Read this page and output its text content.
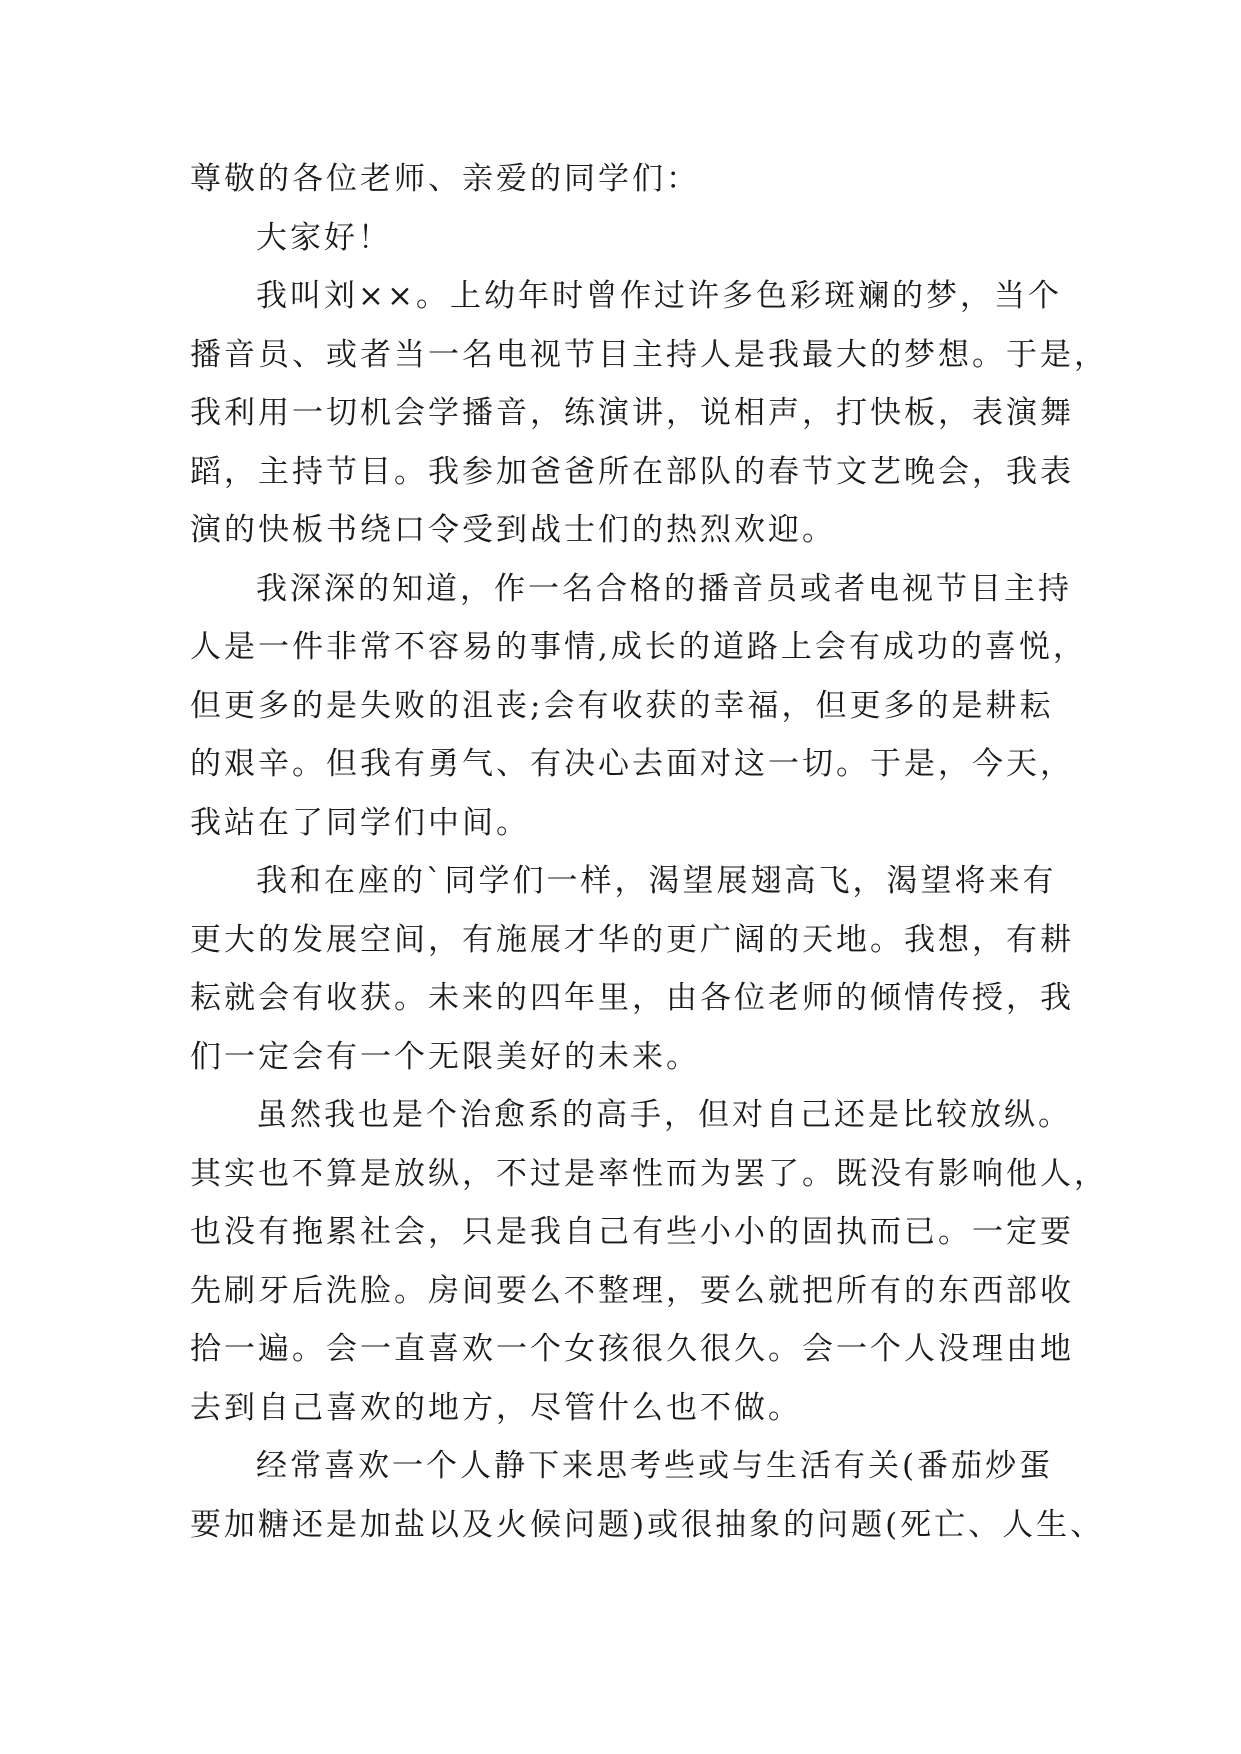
尊敬的各位老师、亲爱的同学们：
大家好！
我叫刘××。上幼年时曾作过许多色彩斑斓的梦，当个
播音员、或者当一名电视节目主持人是我最大的梦想。于是，
我利用一切机会学播音，练演讲，说相声，打快板，表演舞
蹈，主持节目。我参加爸爸所在部队的春节文艺晚会，我表
演的快板书绕口令受到战士们的热烈欢迎。
我深深的知道，作一名合格的播音员或者电视节目主持
人是一件非常不容易的事情,成长的道路上会有成功的喜悦，
但更多的是失败的沮丧;会有收获的幸福，但更多的是耕耘
的艰辛。但我有勇气、有决心去面对这一切。于是，今天，
我站在了同学们中间。
我和在座的`同学们一样，渴望展翅高飞，渴望将来有
更大的发展空间，有施展才华的更广阔的天地。我想，有耕
耘就会有收获。未来的四年里，由各位老师的倾情传授，我
们一定会有一个无限美好的未来。
虽然我也是个治愈系的高手，但对自己还是比较放纵。
其实也不算是放纵，不过是率性而为罢了。既没有影响他人，
也没有拖累社会，只是我自己有些小小的固执而已。一定要
先刷牙后洗脸。房间要么不整理，要么就把所有的东西部收
拾一遍。会一直喜欢一个女孩很久很久。会一个人没理由地
去到自己喜欢的地方，尽管什么也不做。
经常喜欢一个人静下来思考些或与生活有关(番茄炒蛋
要加糖还是加盐以及火候问题)或很抽象的问题(死亡、人生、
